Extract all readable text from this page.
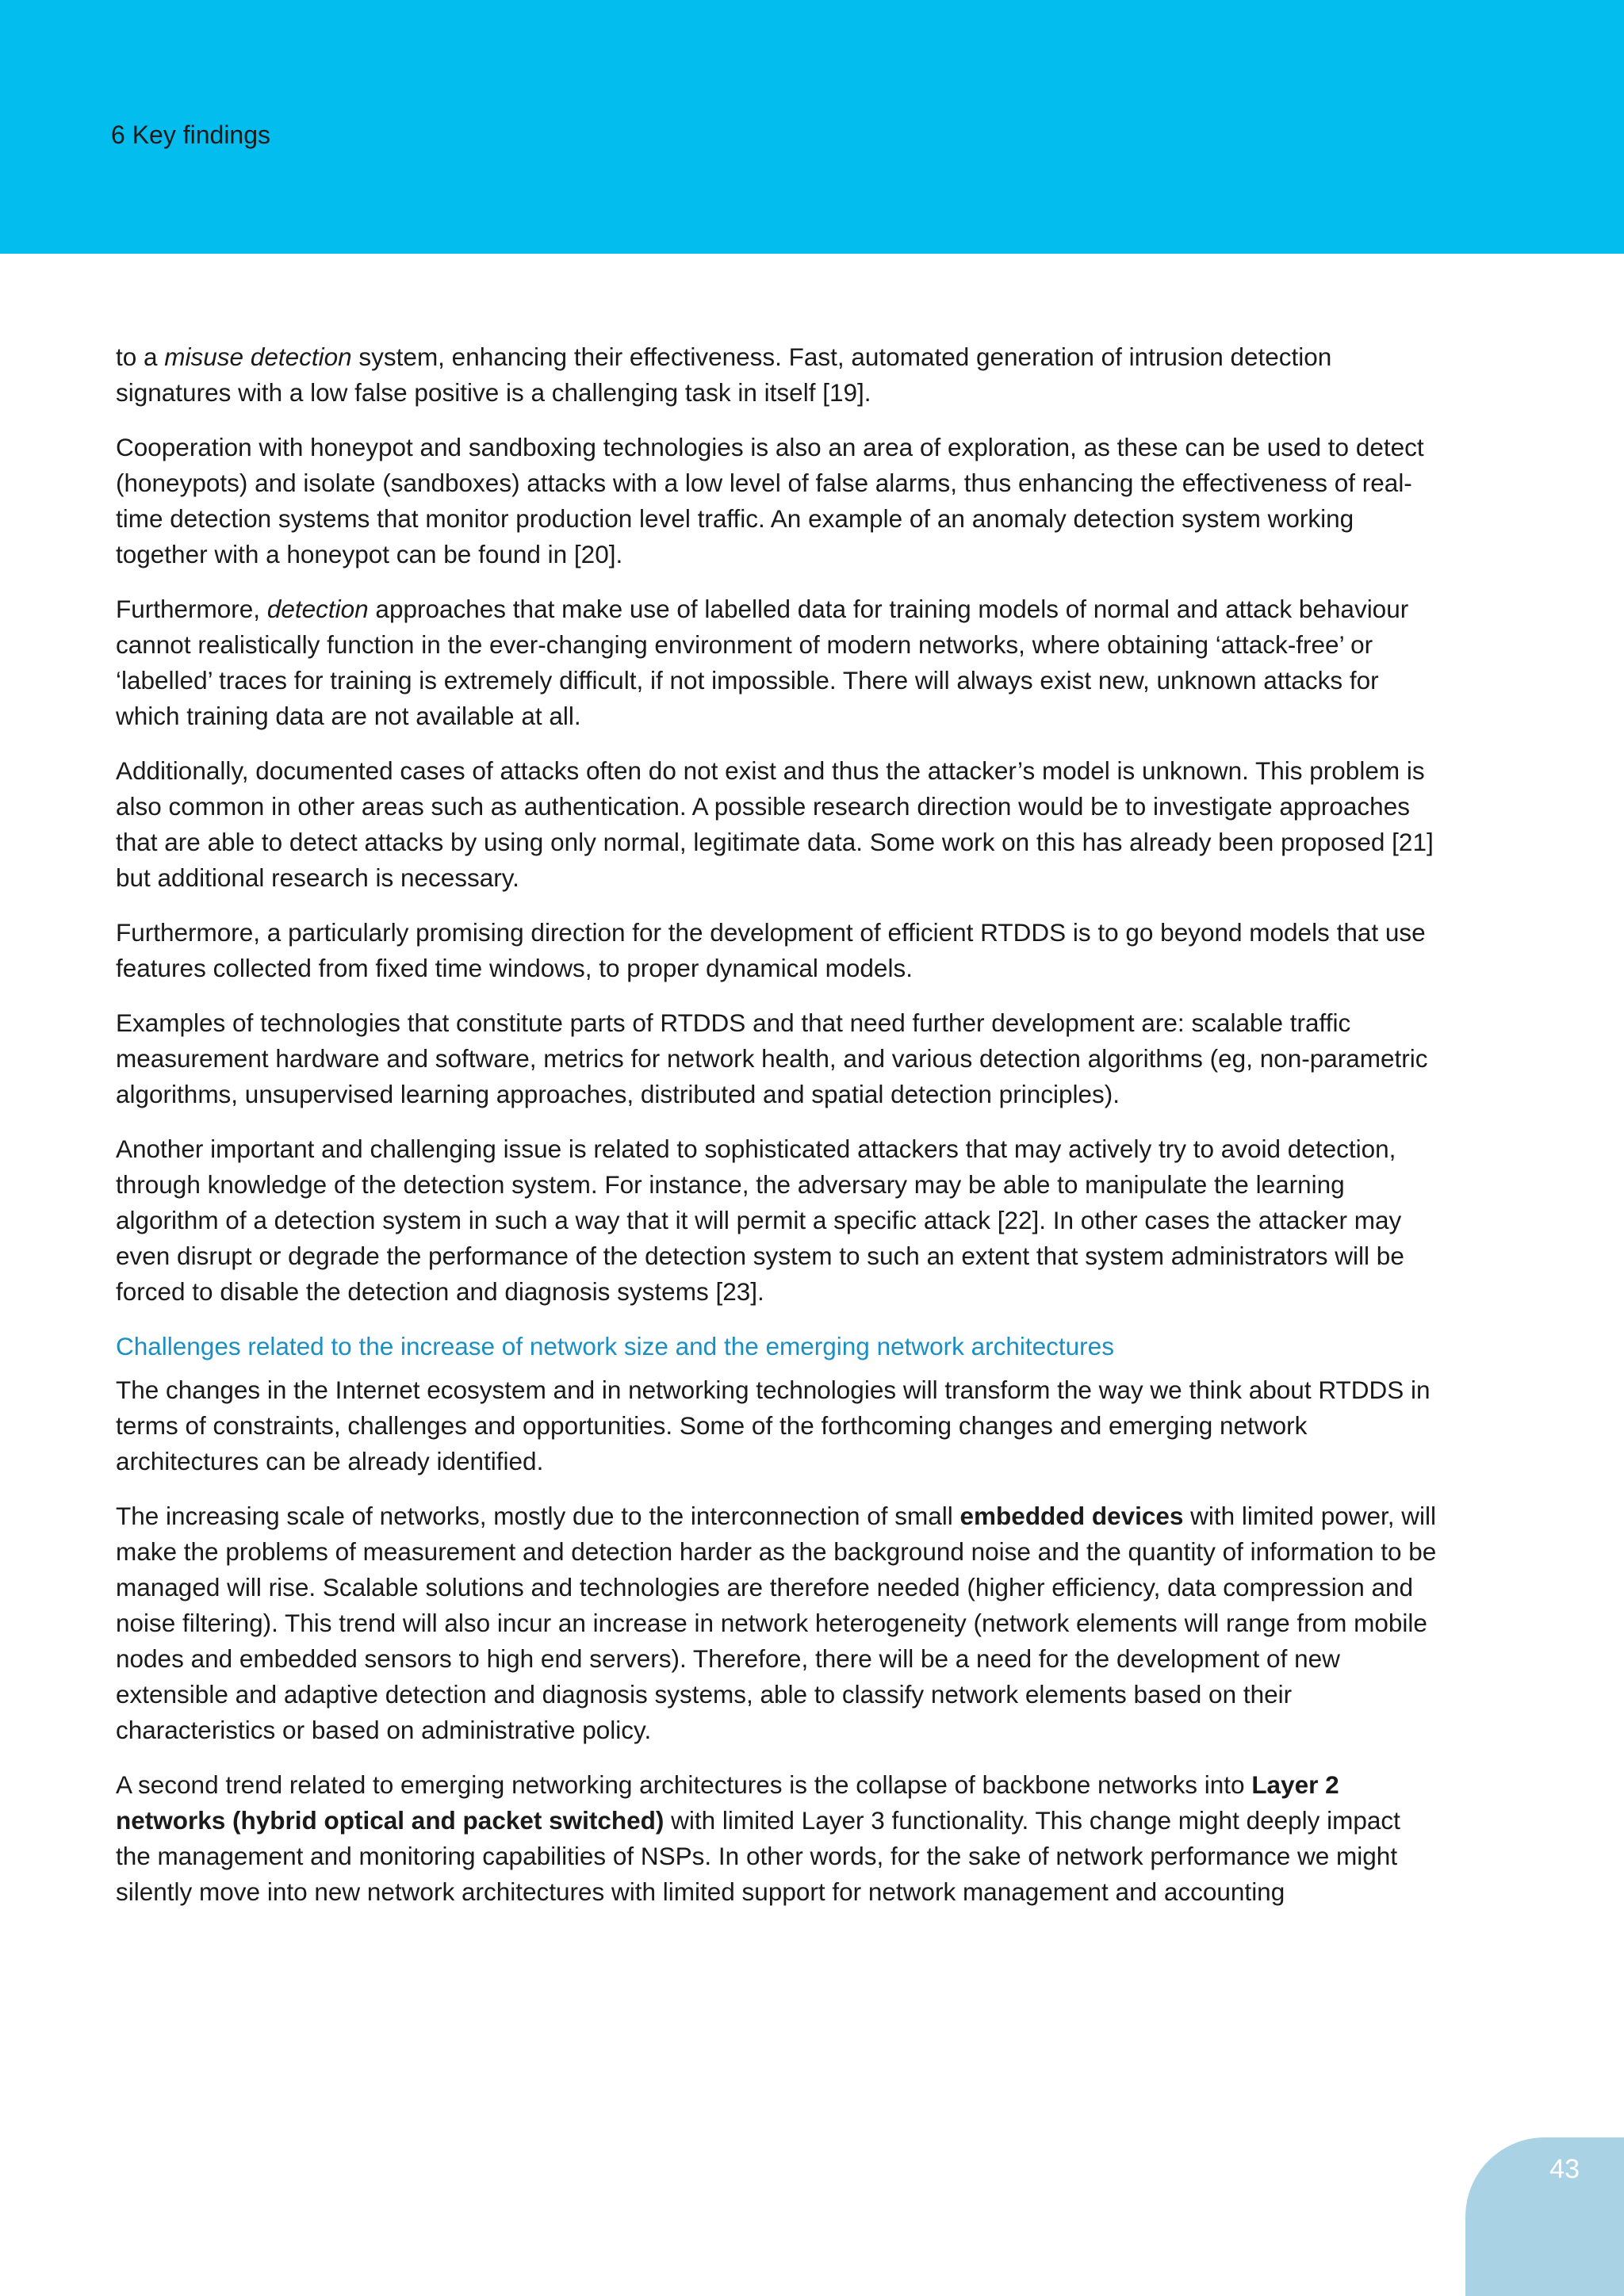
6 Key findings

to a misuse detection system, enhancing their effectiveness. Fast, automated generation of intrusion detection signatures with a low false positive is a challenging task in itself [19].

Cooperation with honeypot and sandboxing technologies is also an area of exploration, as these can be used to detect (honeypots) and isolate (sandboxes) attacks with a low level of false alarms, thus enhancing the effectiveness of real-time detection systems that monitor production level traffic. An example of an anomaly detection system working together with a honeypot can be found in [20].

Furthermore, detection approaches that make use of labelled data for training models of normal and attack behaviour cannot realistically function in the ever-changing environment of modern networks, where obtaining ‘attack-free’ or ‘labelled’ traces for training is extremely difficult, if not impossible. There will always exist new, unknown attacks for which training data are not available at all.

Additionally, documented cases of attacks often do not exist and thus the attacker’s model is unknown. This problem is also common in other areas such as authentication. A possible research direction would be to investigate approaches that are able to detect attacks by using only normal, legitimate data. Some work on this has already been proposed [21] but additional research is necessary.

Furthermore, a particularly promising direction for the development of efficient RTDDS is to go beyond models that use features collected from fixed time windows, to proper dynamical models.

Examples of technologies that constitute parts of RTDDS and that need further development are: scalable traffic measurement hardware and software, metrics for network health, and various detection algorithms (eg, non-parametric algorithms, unsupervised learning approaches, distributed and spatial detection principles).

Another important and challenging issue is related to sophisticated attackers that may actively try to avoid detection, through knowledge of the detection system. For instance, the adversary may be able to manipulate the learning algorithm of a detection system in such a way that it will permit a specific attack [22]. In other cases the attacker may even disrupt or degrade the performance of the detection system to such an extent that system administrators will be forced to disable the detection and diagnosis systems [23].

Challenges related to the increase of network size and the emerging network architectures

The changes in the Internet ecosystem and in networking technologies will transform the way we think about RTDDS in terms of constraints, challenges and opportunities. Some of the forthcoming changes and emerging network architectures can be already identified.

The increasing scale of networks, mostly due to the interconnection of small embedded devices with limited power, will make the problems of measurement and detection harder as the background noise and the quantity of information to be managed will rise. Scalable solutions and technologies are therefore needed (higher efficiency, data compression and noise filtering). This trend will also incur an increase in network heterogeneity (network elements will range from mobile nodes and embedded sensors to high end servers). Therefore, there will be a need for the development of new extensible and adaptive detection and diagnosis systems, able to classify network elements based on their characteristics or based on administrative policy.

A second trend related to emerging networking architectures is the collapse of backbone networks into Layer 2 networks (hybrid optical and packet switched) with limited Layer 3 functionality. This change might deeply impact the management and monitoring capabilities of NSPs. In other words, for the sake of network performance we might silently move into new network architectures with limited support for network management and accounting

43
